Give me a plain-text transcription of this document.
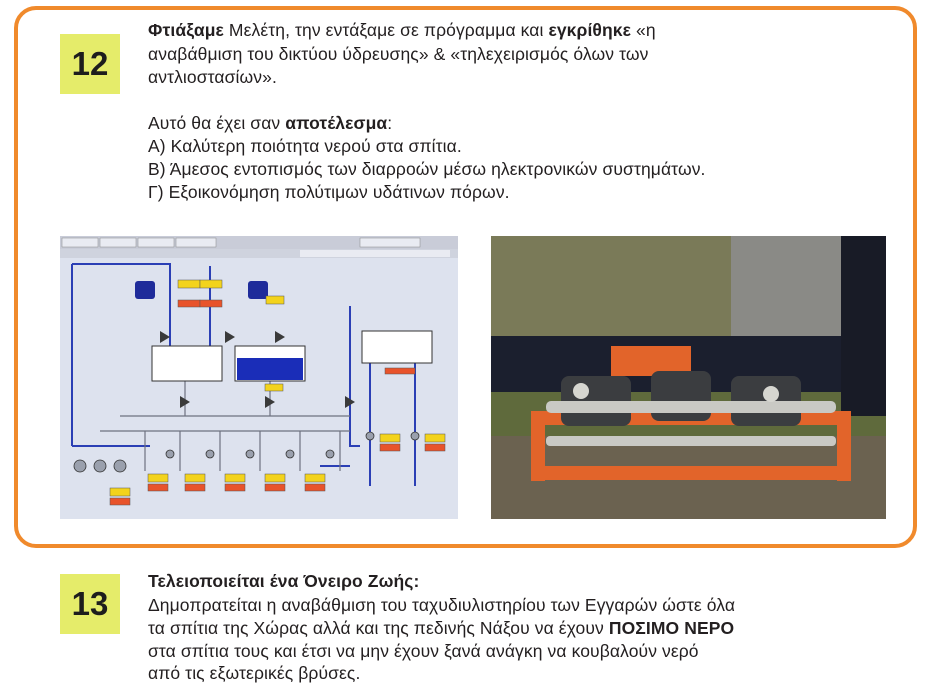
12
Φτιάξαμε Μελέτη, την εντάξαμε σε πρόγραμμα και εγκρίθηκε «η
αναβάθμιση του δικτύου ύδρευσης» & «τηλεχειρισμός όλων των
αντλιοστασίων».
Αυτό θα έχει σαν αποτέλεσμα:
Α) Καλύτερη ποιότητα νερού στα σπίτια.
Β) Άμεσος εντοπισμός των διαρροών μέσω ηλεκτρονικών συστημάτων.
Γ) Εξοικονόμηση πολύτιμων υδάτινων πόρων.
13
Τελειοποιείται ένα Όνειρο Ζωής:
Δημοπρατείται η αναβάθμιση του ταχυδιυλιστηρίου των Εγγαρών ώστε όλα
τα σπίτια της Χώρας αλλά και της πεδινής Νάξου να έχουν ΠΟΣΙΜΟ ΝΕΡΟ
στα σπίτια τους και έτσι να μην έχουν ξανά ανάγκη να κουβαλούν νερό
από τις εξωτερικές βρύσες.
